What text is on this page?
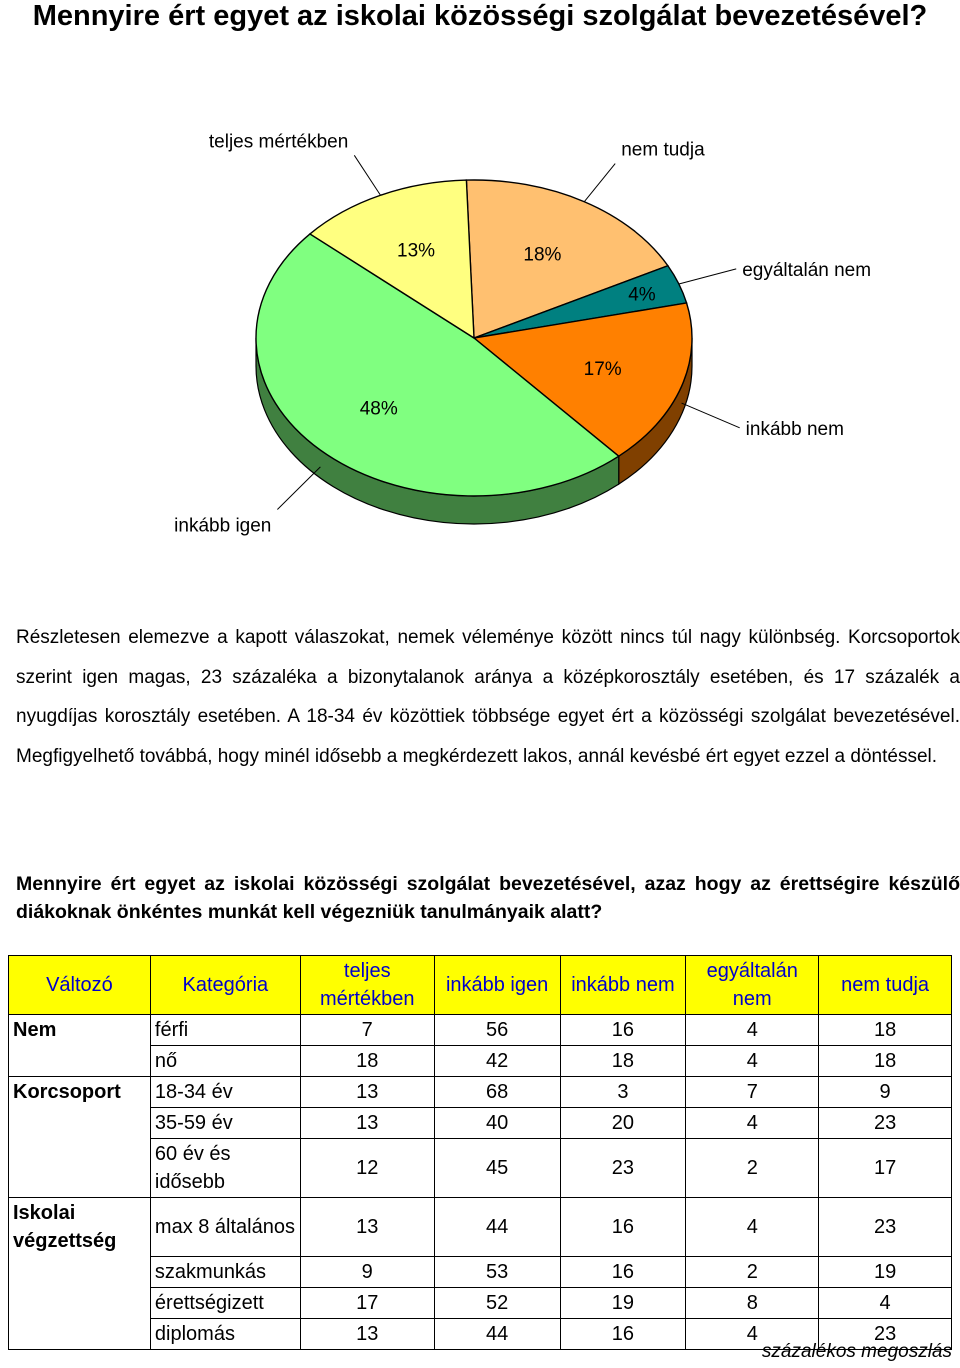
Mennyire ért egyet az iskolai közösségi szolgálat bevezetésével?
18%
nem tudja
4%
egyáltalán nem
17%
inkább nem
48%
inkább igen
13%
teljes mértékben
Részletesen elemezve a kapott válaszokat, nemek véleménye között nincs túl nagy különbség. Korcsoportok szerint igen magas, 23 százaléka a bizonytalanok aránya a középkorosztály esetében, és 17 százalék a nyugdíjas korosztály esetében. A 18-34 év közöttiek többsége egyet ért a közösségi szolgálat bevezetésével. Megfigyelhető továbbá, hogy minél idősebb a megkérdezett lakos, annál kevésbé ért egyet ezzel a döntéssel.
Mennyire ért egyet az iskolai közösségi szolgálat bevezetésével, azaz hogy az érettségire készülő diákoknak önkéntes munkát kell végezniük tanulmányaik alatt?
Változó	Kategória	teljes mértékben	inkább igen	inkább nem	egyáltalán nem	nem tudja
Nem	férfi	7	56	16	4	18
	nő	18	42	18	4	18
Korcsoport	18-34 év	13	68	3	7	9
	35-59 év	13	40	20	4	23
	60 év és idősebb	12	45	23	2	17
Iskolai végzettség	max 8 általános	13	44	16	4	23
	szakmunkás	9	53	16	2	19
	érettségizett	17	52	19	8	4
	diplomás	13	44	16	4	23
százalékos megoszlás
